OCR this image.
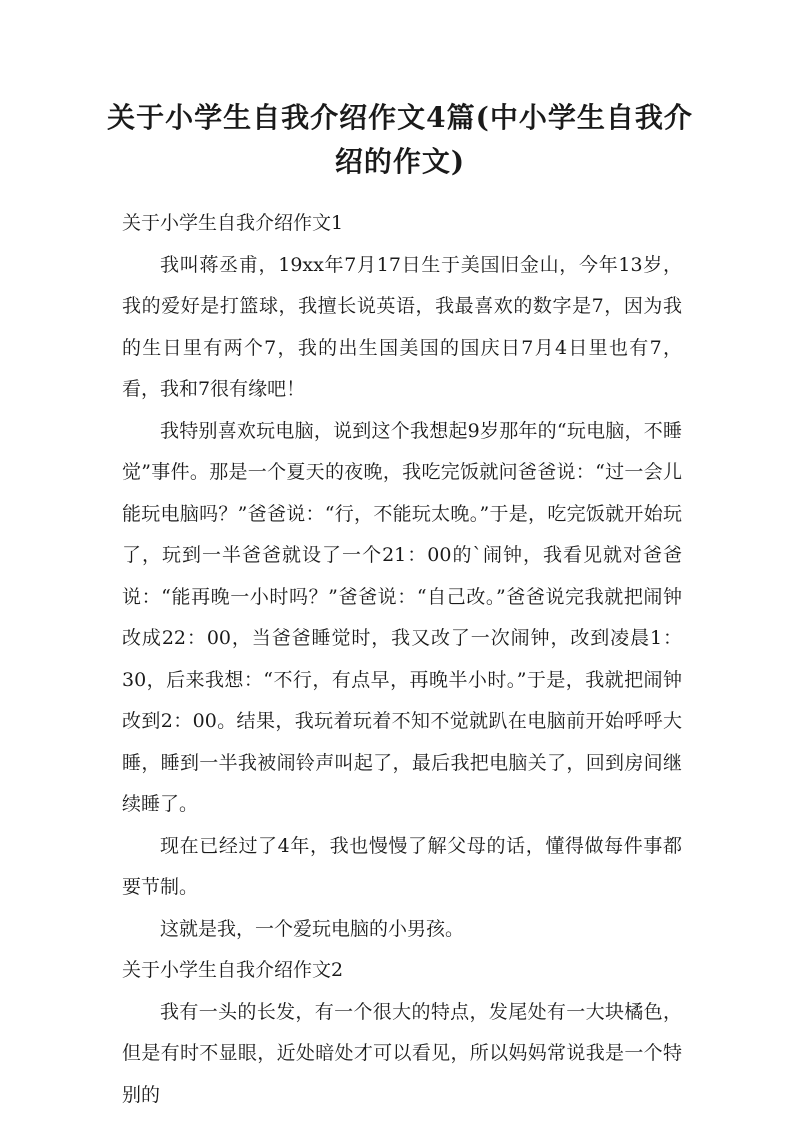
关于小学生自我介绍作文4篇(中小学生自我介绍的作文)

关于小学生自我介绍作文1

我叫蒋丞甫，19xx年7月17日生于美国旧金山，今年13岁，我的爱好是打篮球，我擅长说英语，我最喜欢的数字是7，因为我的生日里有两个7，我的出生国美国的国庆日7月4日里也有7，看，我和7很有缘吧！

我特别喜欢玩电脑，说到这个我想起9岁那年的“玩电脑，不睡觉”事件。那是一个夏天的夜晚，我吃完饭就问爸爸说：“过一会儿能玩电脑吗？”爸爸说：“行，不能玩太晚。”于是，吃完饭就开始玩了，玩到一半爸爸就设了一个21：00的`闹钟，我看见就对爸爸说：“能再晚一小时吗？”爸爸说：“自己改。”爸爸说完我就把闹钟改成22：00，当爸爸睡觉时，我又改了一次闹钟，改到凌晨1：30，后来我想：“不行，有点早，再晚半小时。”于是，我就把闹钟改到2：00。结果，我玩着玩着不知不觉就趴在电脑前开始呼呼大睡，睡到一半我被闹铃声叫起了，最后我把电脑关了，回到房间继续睡了。

现在已经过了4年，我也慢慢了解父母的话，懂得做每件事都要节制。

这就是我，一个爱玩电脑的小男孩。

关于小学生自我介绍作文2

我有一头的长发，有一个很大的特点，发尾处有一大块橘色，但是有时不显眼，近处暗处才可以看见，所以妈妈常说我是一个特别的
